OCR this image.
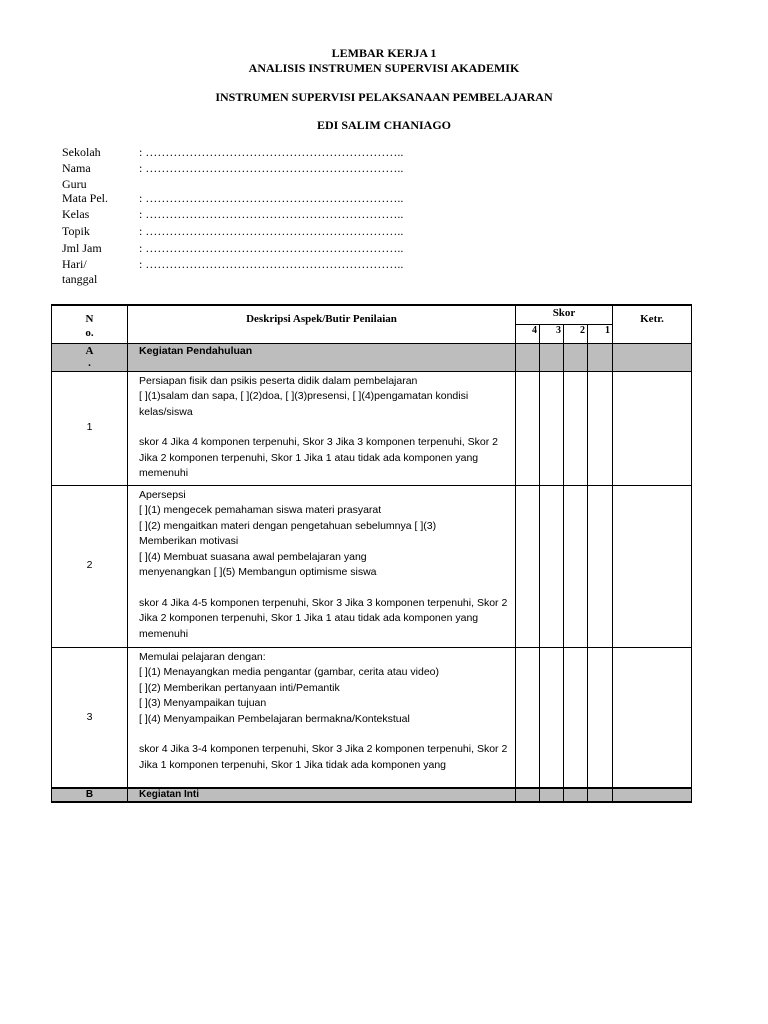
LEMBAR KERJA 1
ANALISIS INSTRUMEN SUPERVISI AKADEMIK
INSTRUMEN SUPERVISI PELAKSANAAN PEMBELAJARAN
EDI SALIM CHANIAGO
Sekolah	: ………………………………………………………..
Nama	: ………………………………………………………..
Guru
Mata Pel.	: ………………………………………………………..
Kelas	: ………………………………………………………..
Topik	: ………………………………………………………..
Jml Jam	: ………………………………………………………..
Hari/	: ………………………………………………………..
tanggal
N
o.	Deskripsi Aspek/Butir Penilaian	Skor				Ketr.
		4	3	2	1	

A
.	Kegiatan Pendahuluan					
1	Persiapan fisik dan psikis peserta didik dalam pembelajaran

[ ](1)salam dan sapa, [ ](2)doa, [ ](3)presensi, [ ](4)pengamatan kondisi kelas/siswa

skor 4 Jika 4 komponen terpenuhi, Skor 3 Jika 3 komponen terpenuhi, Skor 2 Jika 2 komponen terpenuhi, Skor 1 Jika 1 atau tidak ada komponen yang memenuhi					

2	Apersepsi

[ ](1) mengecek pemahaman siswa materi prasyarat

[ ](2) mengaitkan materi dengan pengetahuan sebelumnya [ ](3) Memberikan motivasi

[ ](4) Membuat suasana awal pembelajaran yang menyenangkan [ ](5) Membangun optimisme siswa

skor 4 Jika 4-5 komponen terpenuhi, Skor 3 Jika 3 komponen terpenuhi, Skor 2 Jika 2 komponen terpenuhi, Skor 1 Jika 1 atau tidak ada komponen yang memenuhi					

3	Memulai pelajaran dengan:

[ ](1) Menayangkan media pengantar (gambar, cerita atau video) [ ](2) Memberikan pertanyaan inti/Pemantik

[ ](3) Menyampaikan tujuan

[ ](4) Menyampaikan Pembelajaran bermakna/Kontekstual

skor 4 Jika 3-4 komponen terpenuhi, Skor 3 Jika 2 komponen terpenuhi, Skor 2 Jika 1 komponen terpenuhi, Skor 1 Jika tidak ada komponen yang					

B	Kegiatan Inti					
